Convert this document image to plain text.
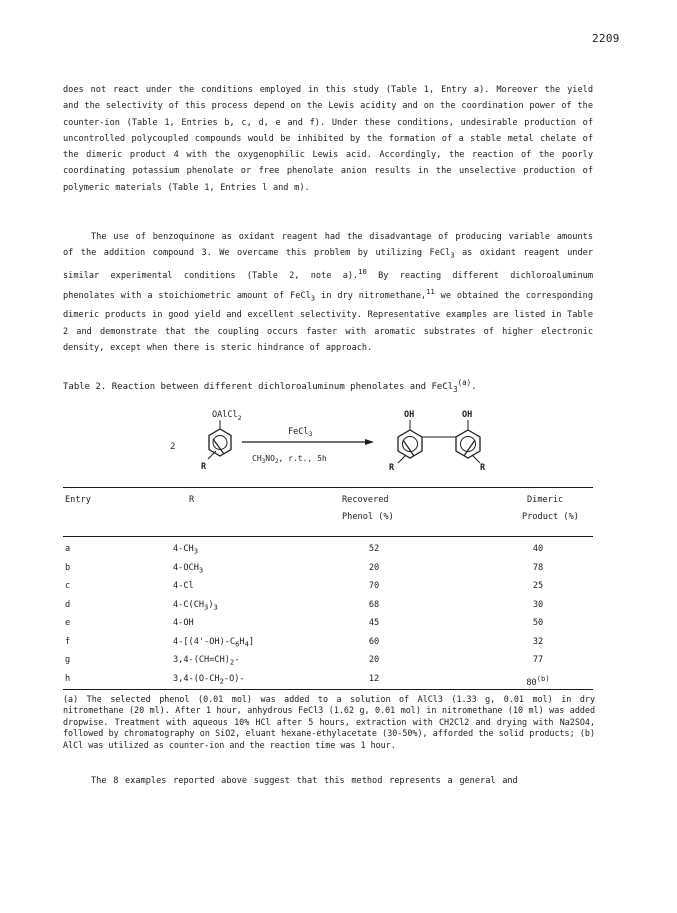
2209
does not react under the conditions employed in this study (Table 1, Entry a). Moreover the yield and the selectivity of this process depend on the Lewis acidity and on the coordination power of the counter-ion (Table 1, Entries b, c, d, e and f). Under these conditions, undesirable production of uncontrolled polycoupled compounds would be inhibited by the formation of a stable metal chelate of the dimeric product 4 with the oxygenophilic Lewis acid. Accordingly, the reaction of the poorly coordinating potassium phenolate or free phenolate anion results in the unselective production of polymeric materials (Table 1, Entries l and m).
The use of benzoquinone as oxidant reagent had the disadvantage of producing variable amounts of the addition compound 3. We overcame this problem by utilizing FeCl$_3$ as oxidant reagent under similar experimental conditions (Table 2, note a).$^{10}$ By reacting different dichloroaluminum phenolates with a stoichiometric amount of FeCl$_3$ in dry nitromethane,$^{11}$ we obtained the corresponding dimeric products in good yield and excellent selectivity. Representative examples are listed in Table 2 and demonstrate that the coupling occurs faster with aromatic substrates of higher electronic density, except when there is steric hindrance of approach.
Table 2. Reaction between different dichloroaluminum phenolates and FeCl$_3^{(a)}$.
OAlCl$_2$
R
2
FeCl$_3$
$CH_3NO_2$, r.t., 5h
OH	OH
R	R
Entry	R	Recovered
Phenol (%)
Dimeric
Product (%)
a	$4-CH_3$	52	40
b	$4-OCH_3$	20	78
c	4-Cl	70	25
d	$4-C(CH_3)_3$	68	30
e	4-OH	45	50
f	$4-[(4'-OH)-C_6H_4]$	60	32
g	$3,4-(CH=CH)_2-$	20	77
h	$3,4-(O-CH_2-O)-$	12	80$^{(b)}$
(a) The selected phenol (0.01 mol) was added to a solution of AlCl3 (1.33 g, 0.01 mol) in dry nitromethane (20 ml). After 1 hour, anhydrous FeCl3 (1.62 g, 0.01 mol) in nitromethane (10 ml) was added dropwise. Treatment with aqueous 10% HCl after 5 hours, extraction with CH2Cl2 and drying with Na2SO4, followed by chromatography on SiO2, eluant hexane-ethylacetate (30-50%), afforded the solid products; (b) AlCl was utilized as counter-ion and the reaction time was 1 hour.
The 8 examples reported above suggest that this method represents a general and
